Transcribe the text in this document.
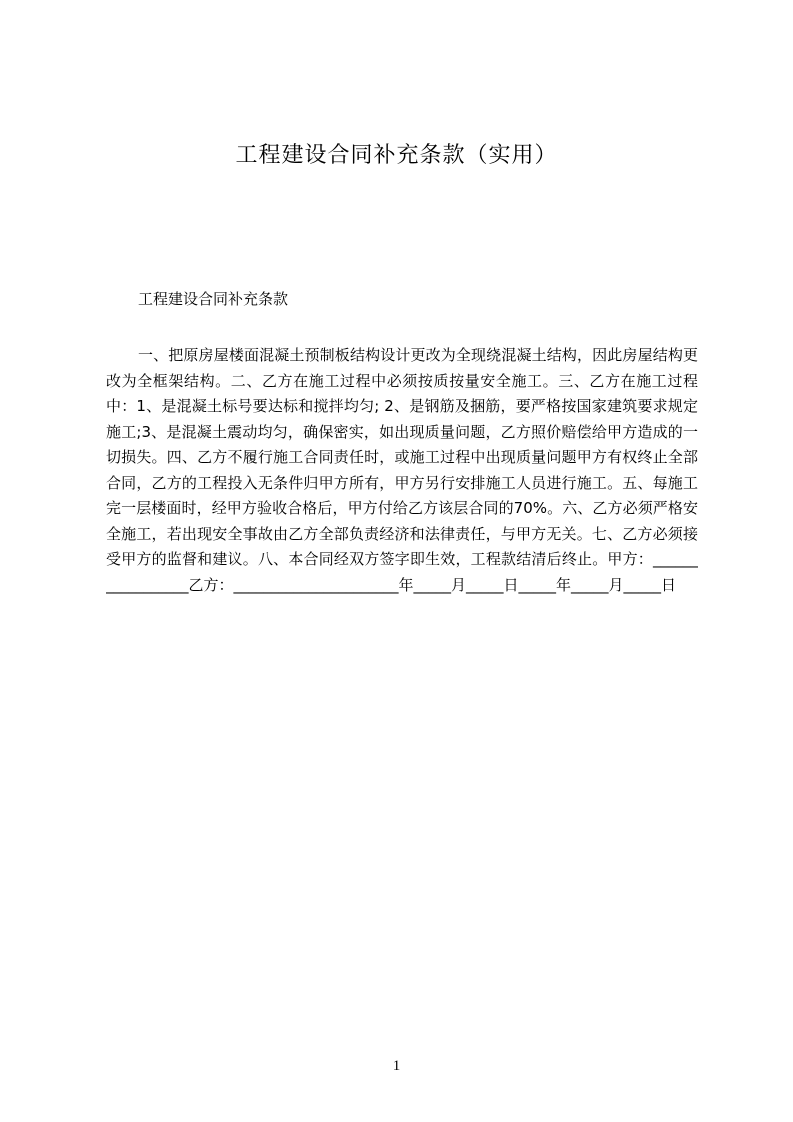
工程建设合同补充条款（实用）

工程建设合同补充条款

一、把原房屋楼面混凝土预制板结构设计更改为全现绕混凝土结构，因此房屋结构更改为全框架结构。二、乙方在施工过程中必须按质按量安全施工。三、乙方在施工过程中：1、是混凝土标号要达标和搅拌均匀; 2、是钢筋及捆筋，要严格按国家建筑要求规定施工;3、是混凝土震动均匀，确保密实，如出现质量问题，乙方照价赔偿给甲方造成的一切损失。四、乙方不履行施工合同责任时，或施工过程中出现质量问题甲方有权终止全部合同，乙方的工程投入无条件归甲方所有，甲方另行安排施工人员进行施工。五、每施工完一层楼面时，经甲方验收合格后，甲方付给乙方该层合同的70%。六、乙方必须严格安全施工，若出现安全事故由乙方全部负责经济和法律责任，与甲方无关。七、乙方必须接受甲方的监督和建议。八、本合同经双方签字即生效，工程款结清后终止。甲方：_________________乙方：______________________年_____月_____日_____年_____月_____日

1
